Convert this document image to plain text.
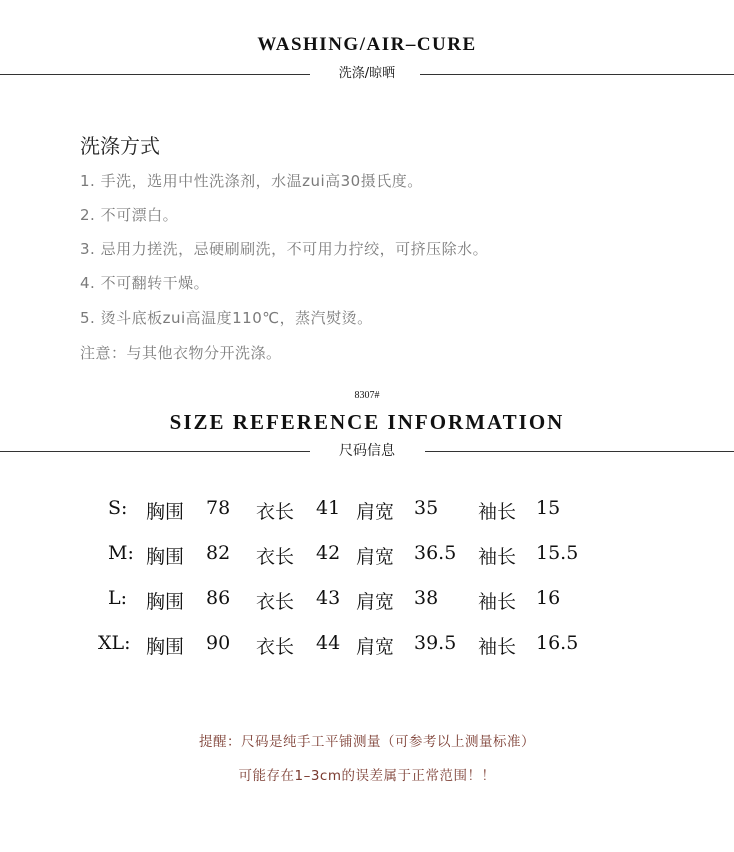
WASHING/AIR–CURE
洗涤/晾晒
洗涤方式
1. 手洗，选用中性洗涤剂，水温zui高30摄氏度。
2. 不可漂白。
3. 忌用力搓洗，忌硬刷刷洗，不可用力拧绞，可挤压除水。
4. 不可翻转干燥。
5. 烫斗底板zui高温度110℃，蒸汽熨烫。
注意：与其他衣物分开洗涤。
8307#
SIZE REFERENCE INFORMATION
尺码信息

S:

胸围

78

衣长

41

肩宽

35

袖长

15

M:

胸围

82

衣长

42

肩宽

36.5

袖长

15.5

L:

胸围

86

衣长

43

肩宽

38

袖长

16

XL:

胸围

90

衣长

44

肩宽

39.5

袖长

16.5

提醒：尺码是纯手工平铺测量（可参考以上测量标准）
可能存在1–3cm的误差属于正常范围！！
